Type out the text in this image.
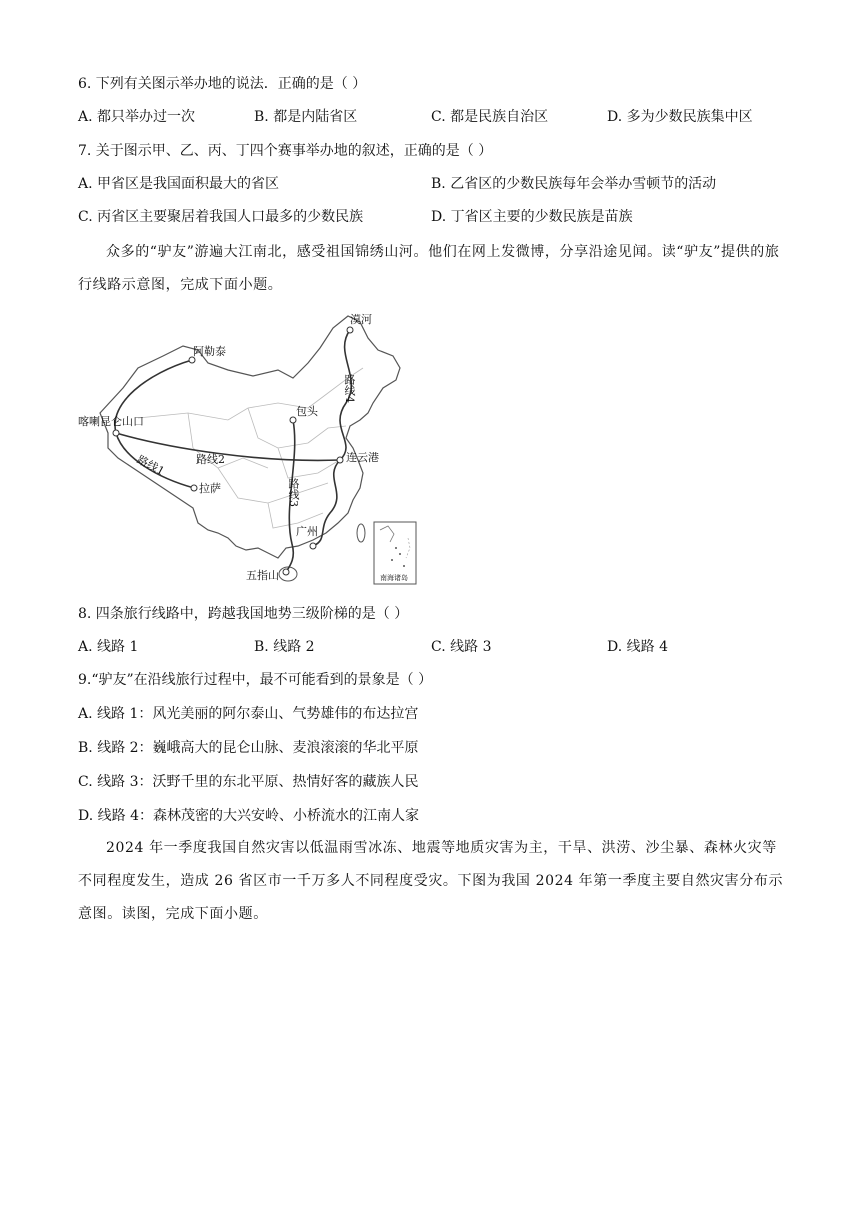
6. 下列有关图示举办地的说法．正确的是（ ）
A. 都只举办过一次	B. 都是内陆省区	C. 都是民族自治区	D. 多为少数民族集中区
7. 关于图示甲、乙、丙、丁四个赛事举办地的叙述，正确的是（ ）
A. 甲省区是我国面积最大的省区	B. 乙省区的少数民族每年会举办雪顿节的活动
C. 丙省区主要聚居着我国人口最多的少数民族	D. 丁省区主要的少数民族是苗族
众多的“驴友”游遍大江南北，感受祖国锦绣山河。他们在网上发微博，分享沿途见闻。读“驴友”提供的旅行线路示意图，完成下面小题。
漠河
阿勒泰
喀喇昆仑山口
包头
连云港
拉萨
广州
五指山
路线1	路线2
路线3
路线4
南海诸岛
8. 四条旅行线路中，跨越我国地势三级阶梯的是（ ）
A. 线路 1	B. 线路 2	C. 线路 3	D. 线路 4
9.“驴友”在沿线旅行过程中，最不可能看到的景象是（ ）
A. 线路 1：风光美丽的阿尔泰山、气势雄伟的布达拉宫
B. 线路 2：巍峨高大的昆仑山脉、麦浪滚滚的华北平原
C. 线路 3：沃野千里的东北平原、热情好客的藏族人民
D. 线路 4：森林茂密的大兴安岭、小桥流水的江南人家
2024 年一季度我国自然灾害以低温雨雪冰冻、地震等地质灾害为主，干旱、洪涝、沙尘暴、森林火灾等不同程度发生，造成 26 省区市一千万多人不同程度受灾。下图为我国 2024 年第一季度主要自然灾害分布示意图。读图，完成下面小题。
